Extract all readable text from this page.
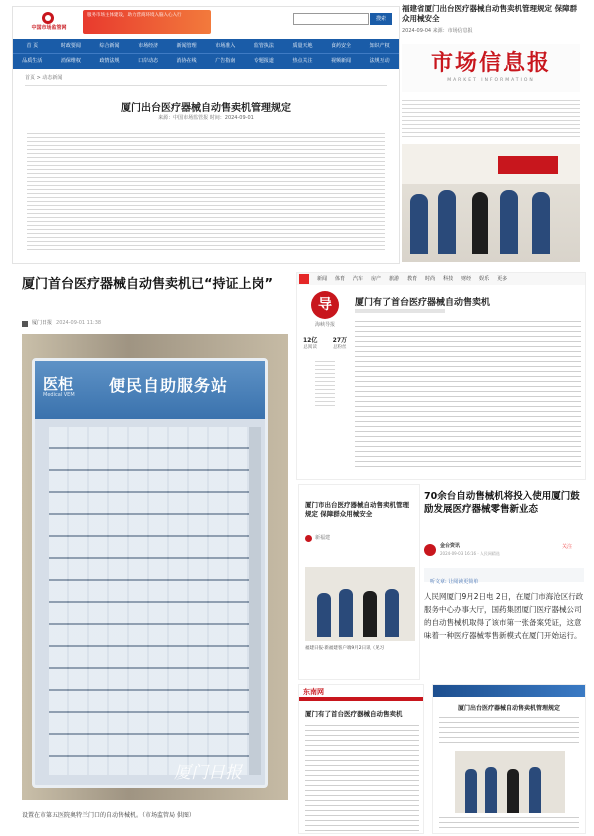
中国市场监管网
服务市场主体建设，助力营商环境入脑入心入行
搜索
首 页	时政要闻	综合新闻	市场经济	新闻管理	市场准入	监管执法	质量天地	食药安全	知识产权
品质生活	消保维权	政情法规	口岸动态	消协在线	广告指南	专题报道	热点关注	视频新闻	法规互动
首页 > 动态新闻
厦门出台医疗器械自动售卖机管理规定
来源：中国市场监管报 时间：2024-09-01
福建省厦门出台医疗器械自动售卖机管理规定 保障群众用械安全
2024-09-04 来源：市场信息报
市场信息报
MARKET INFORMATION
厦门首台医疗器械自动售卖机已“持证上岗”
厦门日报 2024-09-01 11:38
医柜
Medical VEM 便民自助服务站
厦门日报
设置在市第五医院奥特兰门口的自动售械机。（市场监管局 供图）
新闻	体育	汽车	房产	旅游	教育	时尚	科技	财经	娱乐	更多
导
海峡导报
12亿
总阅读
27万
总粉丝
厦门有了首台医疗器械自动售卖机
厦门市出台医疗器械自动售卖机管理规定 保障群众用械安全
新福建
福建日报·新福建客户端9月2日讯（见习
70余台自动售械机将投入使用厦门鼓励发展医疗器械零售新业态
金台资讯
2024-09-03 16:16 · 人民网精选
关注
听文章: 让阅读更简单
人民网厦门9月2日电 2日，在厦门市海沧区行政服务中心办事大厅，国药集团厦门医疗器械公司的自动售械机取得了该市第一张备案凭证，这意味着一种医疗器械零售新模式在厦门开始运行。
东南网
厦门有了首台医疗器械自动售卖机
厦门出台医疗器械自动售卖机管理规定
